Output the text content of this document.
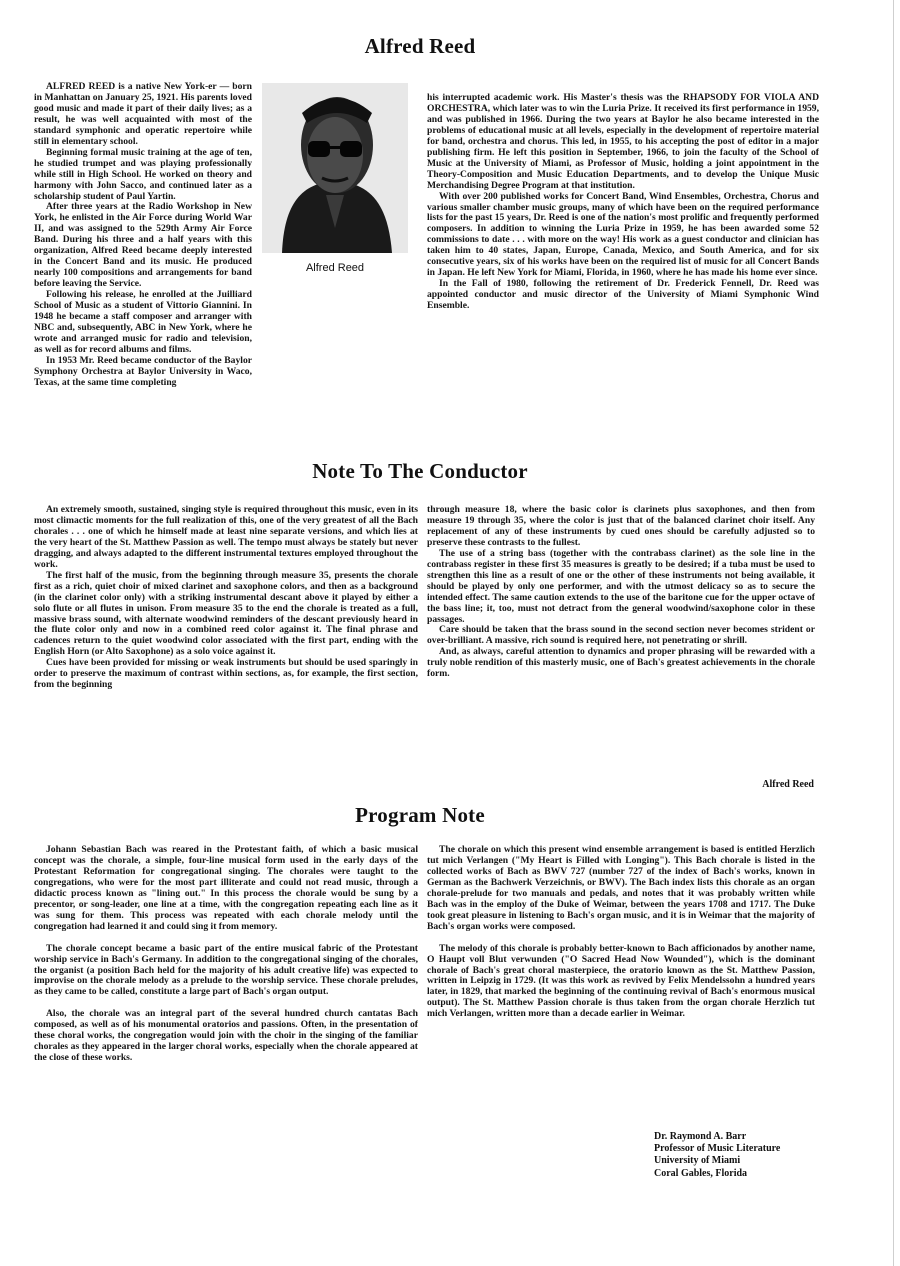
Alfred Reed

ALFRED REED is a native New York-er — born in Manhattan on January 25, 1921. His parents loved good music and made it part of their daily lives; as a result, he was well acquainted with most of the standard symphonic and operatic repertoire while still in elementary school.

Beginning formal music training at the age of ten, he studied trumpet and was playing professionally while still in High School. He worked on theory and harmony with John Sacco, and continued later as a scholarship student of Paul Yartin.

After three years at the Radio Workshop in New York, he enlisted in the Air Force during World War II, and was assigned to the 529th Army Air Force Band. During his three and a half years with this organization, Alfred Reed became deeply interested in the Concert Band and its music. He produced nearly 100 compositions and arrangements for band before leaving the Service.

Following his release, he enrolled at the Juilliard School of Music as a student of Vittorio Giannini. In 1948 he became a staff composer and arranger with NBC and, subsequently, ABC in New York, where he wrote and arranged music for radio and television, as well as for record albums and films.

In 1953 Mr. Reed became conductor of the Baylor Symphony Orchestra at Baylor University in Waco, Texas, at the same time completing

Alfred Reed

his interrupted academic work. His Master's thesis was the RHAPSODY FOR VIOLA AND ORCHESTRA, which later was to win the Luria Prize. It received its first performance in 1959, and was published in 1966. During the two years at Baylor he also became interested in the problems of educational music at all levels, especially in the development of repertoire material for band, orchestra and chorus. This led, in 1955, to his accepting the post of editor in a major publishing firm. He left this position in September, 1966, to join the faculty of the School of Music at the University of Miami, as Professor of Music, holding a joint appointment in the Theory-Composition and Music Education Departments, and to develop the Unique Music Merchandising Degree Program at that institution.

With over 200 published works for Concert Band, Wind Ensembles, Orchestra, Chorus and various smaller chamber music groups, many of which have been on the required performance lists for the past 15 years, Dr. Reed is one of the nation's most prolific and frequently performed composers. In addition to winning the Luria Prize in 1959, he has been awarded some 52 commissions to date . . . with more on the way! His work as a guest conductor and clinician has taken him to 40 states, Japan, Europe, Canada, Mexico, and South America, and for six consecutive years, six of his works have been on the required list of music for all Concert Bands in Japan. He left New York for Miami, Florida, in 1960, where he has made his home ever since.

In the Fall of 1980, following the retirement of Dr. Frederick Fennell, Dr. Reed was appointed conductor and music director of the University of Miami Symphonic Wind Ensemble.

Note To The Conductor

An extremely smooth, sustained, singing style is required throughout this music, even in its most climactic moments for the full realization of this, one of the very greatest of all the Bach chorales . . . one of which he himself made at least nine separate versions, and which lies at the very heart of the St. Matthew Passion as well. The tempo must always be stately but never dragging, and always adapted to the different instrumental textures employed throughout the work.

The first half of the music, from the beginning through measure 35, presents the chorale first as a rich, quiet choir of mixed clarinet and saxophone colors, and then as a background (in the clarinet color only) with a striking instrumental descant above it played by either a solo flute or all flutes in unison. From measure 35 to the end the chorale is treated as a full, massive brass sound, with alternate woodwind reminders of the descant previously heard in the flute color only and now in a combined reed color against it. The final phrase and cadences return to the quiet woodwind color associated with the first part, ending with the English Horn (or Alto Saxophone) as a solo voice against it.

Cues have been provided for missing or weak instruments but should be used sparingly in order to preserve the maximum of contrast within sections, as, for example, the first section, from the beginning

through measure 18, where the basic color is clarinets plus saxophones, and then from measure 19 through 35, where the color is just that of the balanced clarinet choir itself. Any replacement of any of these instruments by cued ones should be carefully adjusted so to preserve these contrasts to the fullest.

The use of a string bass (together with the contrabass clarinet) as the sole line in the contrabass register in these first 35 measures is greatly to be desired; if a tuba must be used to strengthen this line as a result of one or the other of these instruments not being available, it should be played by only one performer, and with the utmost delicacy so as to secure the intended effect. The same caution extends to the use of the baritone cue for the upper octave of the bass line; it, too, must not detract from the general woodwind/saxophone color in these passages.

Care should be taken that the brass sound in the second section never becomes strident or over-brilliant. A massive, rich sound is required here, not penetrating or shrill.

And, as always, careful attention to dynamics and proper phrasing will be rewarded with a truly noble rendition of this masterly music, one of Bach's greatest achievements in the chorale form.

Alfred Reed
Program Note

Johann Sebastian Bach was reared in the Protestant faith, of which a basic musical concept was the chorale, a simple, four-line musical form used in the early days of the Protestant Reformation for congregational singing. The chorales were taught to the congregations, who were for the most part illiterate and could not read music, through a didactic process known as "lining out." In this process the chorale would be sung by a precentor, or song-leader, one line at a time, with the congregation repeating each line as it was sung for them. This process was repeated with each chorale melody until the congregation had learned it and could sing it from memory.

The chorale concept became a basic part of the entire musical fabric of the Protestant worship service in Bach's Germany. In addition to the congregational singing of the chorales, the organist (a position Bach held for the majority of his adult creative life) was expected to improvise on the chorale melody as a prelude to the worship service. These chorale preludes, as they came to be called, constitute a large part of Bach's organ output.

Also, the chorale was an integral part of the several hundred church cantatas Bach composed, as well as of his monumental oratorios and passions. Often, in the presentation of these choral works, the congregation would join with the choir in the singing of the familiar chorales as they appeared in the larger choral works, especially when the chorale appeared at the close of these works.

The chorale on which this present wind ensemble arrangement is based is entitled Herzlich tut mich Verlangen ("My Heart is Filled with Longing"). This Bach chorale is listed in the collected works of Bach as BWV 727 (number 727 of the index of Bach's works, known in German as the Bachwerk Verzeichnis, or BWV). The Bach index lists this chorale as an organ chorale-prelude for two manuals and pedals, and notes that it was probably written while Bach was in the employ of the Duke of Weimar, between the years 1708 and 1717. The Duke took great pleasure in listening to Bach's organ music, and it is in Weimar that the majority of Bach's organ works were composed.

The melody of this chorale is probably better-known to Bach afficionados by another name, O Haupt voll Blut verwunden ("O Sacred Head Now Wounded"), which is the dominant chorale of Bach's great choral masterpiece, the oratorio known as the St. Matthew Passion, written in Leipzig in 1729. (It was this work as revived by Felix Mendelssohn a hundred years later, in 1829, that marked the beginning of the continuing revival of Bach's enormous musical output). The St. Matthew Passion chorale is thus taken from the organ chorale Herzlich tut mich Verlangen, written more than a decade earlier in Weimar.

Dr. Raymond A. Barr
Professor of Music Literature
University of Miami
Coral Gables, Florida
